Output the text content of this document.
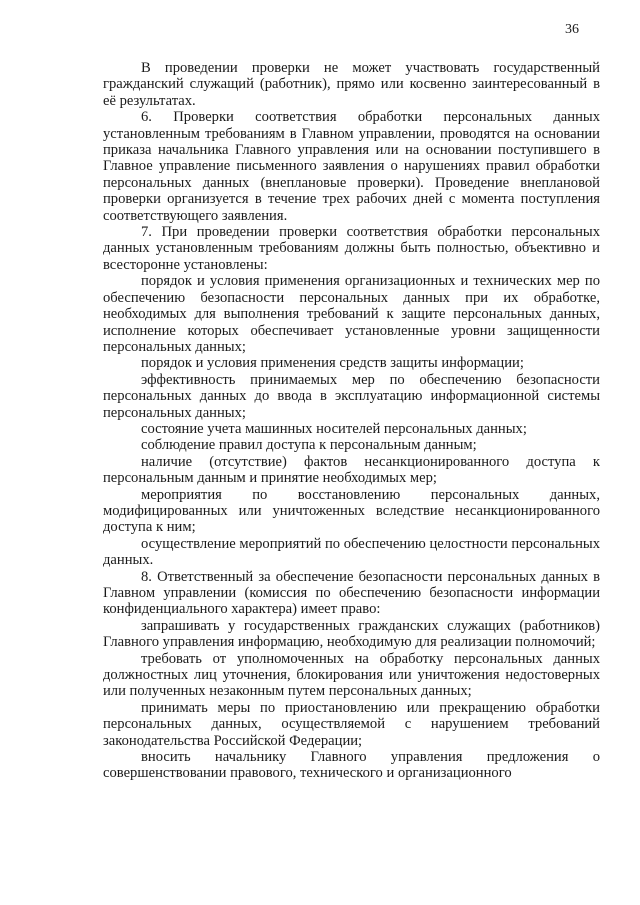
36

В проведении проверки не может участвовать государственный гражданский служащий (работник), прямо или косвенно заинтересованный в её результатах.

6. Проверки соответствия обработки персональных данных установленным требованиям в Главном управлении, проводятся на основании приказа начальника Главного управления или на основании поступившего в Главное управление письменного заявления о нарушениях правил обработки персональных данных (внеплановые проверки). Проведение внеплановой проверки организуется в течение трех рабочих дней с момента поступления соответствующего заявления.

7. При проведении проверки соответствия обработки персональных данных установленным требованиям должны быть полностью, объективно и всесторонне установлены:

порядок и условия применения организационных и технических мер по обеспечению безопасности персональных данных при их обработке, необходимых для выполнения требований к защите персональных данных, исполнение которых обеспечивает установленные уровни защищенности персональных данных;

порядок и условия применения средств защиты информации;

эффективность принимаемых мер по обеспечению безопасности персональных данных до ввода в эксплуатацию информационной системы персональных данных;

состояние учета машинных носителей персональных данных;

соблюдение правил доступа к персональным данным;

наличие (отсутствие) фактов несанкционированного доступа к персональным данным и принятие необходимых мер;

мероприятия по восстановлению персональных данных, модифицированных или уничтоженных вследствие несанкционированного доступа к ним;

осуществление мероприятий по обеспечению целостности персональных данных.

8. Ответственный за обеспечение безопасности персональных данных в Главном управлении (комиссия по обеспечению безопасности информации конфиденциального характера) имеет право:

запрашивать у государственных гражданских служащих (работников) Главного управления информацию, необходимую для реализации полномочий;

требовать от уполномоченных на обработку персональных данных должностных лиц уточнения, блокирования или уничтожения недостоверных или полученных незаконным путем персональных данных;

принимать меры по приостановлению или прекращению обработки персональных данных, осуществляемой с нарушением требований законодательства Российской Федерации;

вносить начальнику Главного управления предложения о совершенствовании правового, технического и организационного
